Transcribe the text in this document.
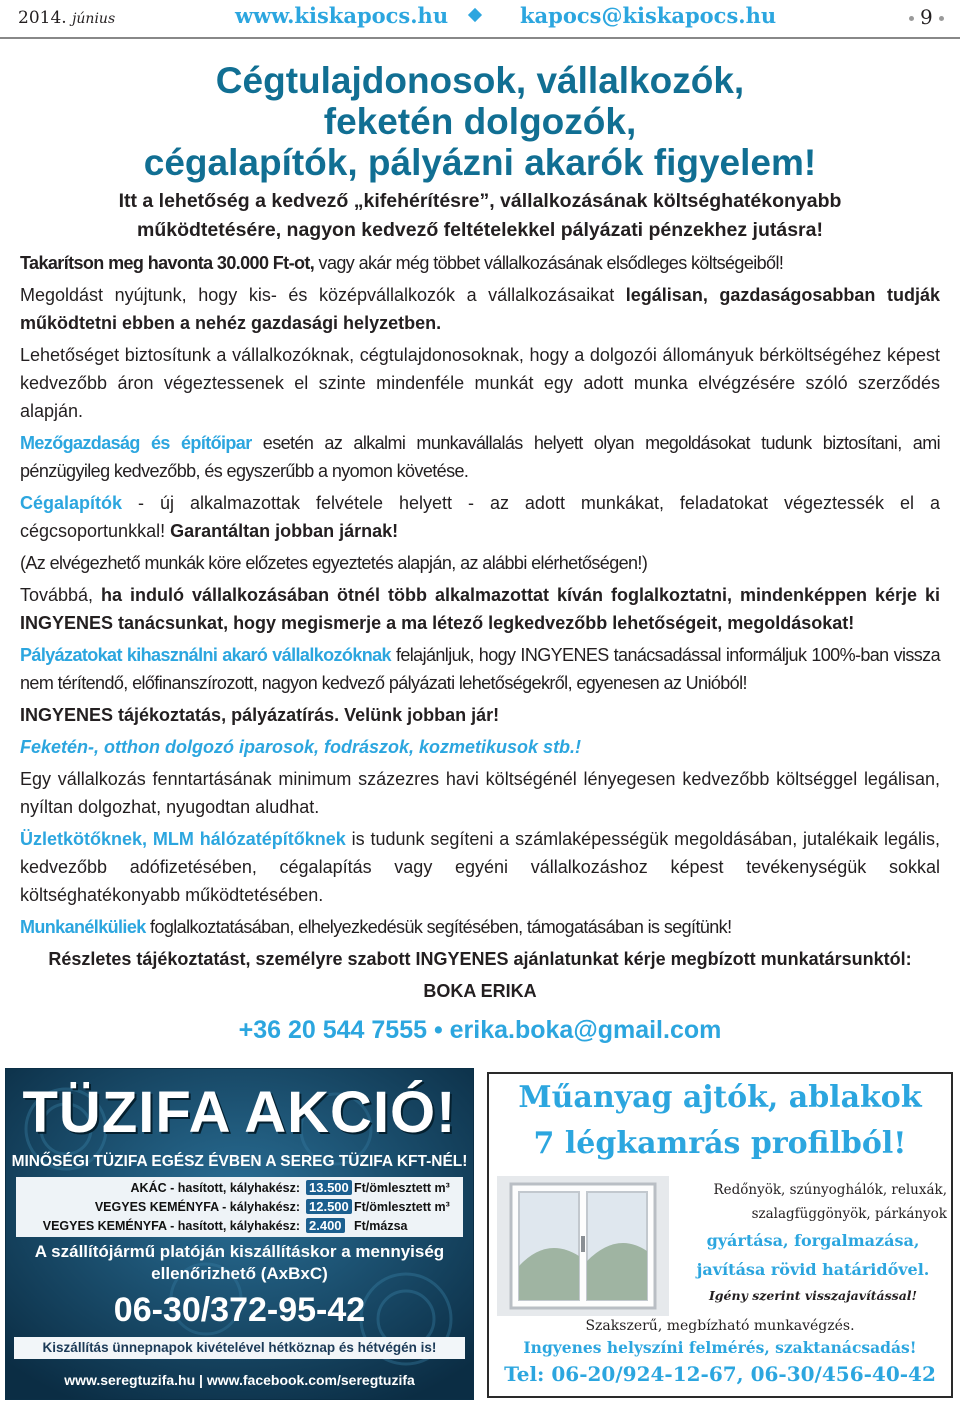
2014. június	www.kiskapocs.hu	kapocs@kiskapocs.hu	9
Cégtulajdonosok, vállalkozók,
feketén dolgozók,
cégalapítók, pályázni akarók figyelem!
Itt a lehetőség a kedvező „kifehérítésre”, vállalkozásának költséghatékonyabb
működtetésére, nagyon kedvező feltételekkel pályázati pénzekhez jutásra!

Takarítson meg havonta 30.000 Ft-ot, vagy akár még többet vállalkozásának elsődleges költségeiből!

Megoldást nyújtunk, hogy kis- és középvállalkozók a vállalkozásaikat legálisan, gazdaságosabban tudják működtetni ebben a nehéz gazdasági helyzetben.

Lehetőséget biztosítunk a vállalkozóknak, cégtulajdonosoknak, hogy a dolgozói állományuk bérköltségéhez képest kedvezőbb áron végeztessenek el szinte mindenféle munkát egy adott munka elvégzésére szóló szerződés alapján.

Mezőgazdaság és építőipar esetén az alkalmi munkavállalás helyett olyan megoldásokat tudunk biztosítani, ami pénzügyileg kedvezőbb, és egyszerűbb a nyomon követése.

Cégalapítók - új alkalmazottak felvétele helyett - az adott munkákat, feladatokat végeztessék el a cégcsoportunkkal! Garantáltan jobban járnak!

(Az elvégezhető munkák köre előzetes egyeztetés alapján, az alábbi elérhetőségen!)

Továbbá, ha induló vállalkozásában ötnél több alkalmazottat kíván foglalkoztatni, mindenképpen kérje ki INGYENES tanácsunkat, hogy megismerje a ma létező legkedvezőbb lehetőségeit, megoldásokat!

Pályázatokat kihasználni akaró vállalkozóknak felajánljuk, hogy INGYENES tanácsadással informáljuk 100%-ban vissza nem térítendő, előfinanszírozott, nagyon kedvező pályázati lehetőségekről, egyenesen az Unióból!

INGYENES tájékoztatás, pályázatírás. Velünk jobban jár!

Feketén-, otthon dolgozó iparosok, fodrászok, kozmetikusok stb.!

Egy vállalkozás fenntartásának minimum százezres havi költségénél lényegesen kedvezőbb költséggel legálisan, nyíltan dolgozhat, nyugodtan aludhat.

Üzletkötőknek, MLM hálózatépítőknek is tudunk segíteni a számlaképességük megoldásában, jutalékaik legális, kedvezőbb adófizetésében, cégalapítás vagy egyéni vállalkozáshoz képest tevékenységük sokkal költséghatékonyabb működtetésében.

Munkanélküliek foglalkoztatásában, elhelyezkedésük segítésében, támogatásában is segítünk!

Részletes tájékoztatást, személyre szabott INGYENES ajánlatunkat kérje megbízott munkatársunktól:

BOKA ERIKA

+36 20 544 7555 • erika.boka@gmail.com
TÜZIFA AKCIÓ!
MINŐSÉGI TÜZIFA EGÉSZ ÉVBEN A SEREG TÜZIFA KFT-NÉL!
AKÁC - hasított, kályhakész: 13.500 Ft/ömlesztett m³
VEGYES KEMÉNYFA - kályhakész: 12.500 Ft/ömlesztett m³
VEGYES KEMÉNYFA - hasított, kályhakész: 2.400 Ft/mázsa
A szállítójármű platóján kiszállításkor a mennyiség
ellenőrizhető (AxBxC)
06-30/372-95-42
Kiszállítás ünnepnapok kivételével hétköznap és hétvégén is!
www.seregtuzifa.hu | www.facebook.com/seregtuzifa
Műanyag ajtók, ablakok
7 légkamrás profilból!
Redőnyök, szúnyoghálók, reluxák,
szalagfüggönyök, párkányok
gyártása, forgalmazása,
javítása rövid határidővel.
Igény szerint visszajavítással!
Szakszerű, megbízható munkavégzés.
Ingyenes helyszíni felmérés, szaktanácsadás!
Tel: 06-20/924-12-67, 06-30/456-40-42
